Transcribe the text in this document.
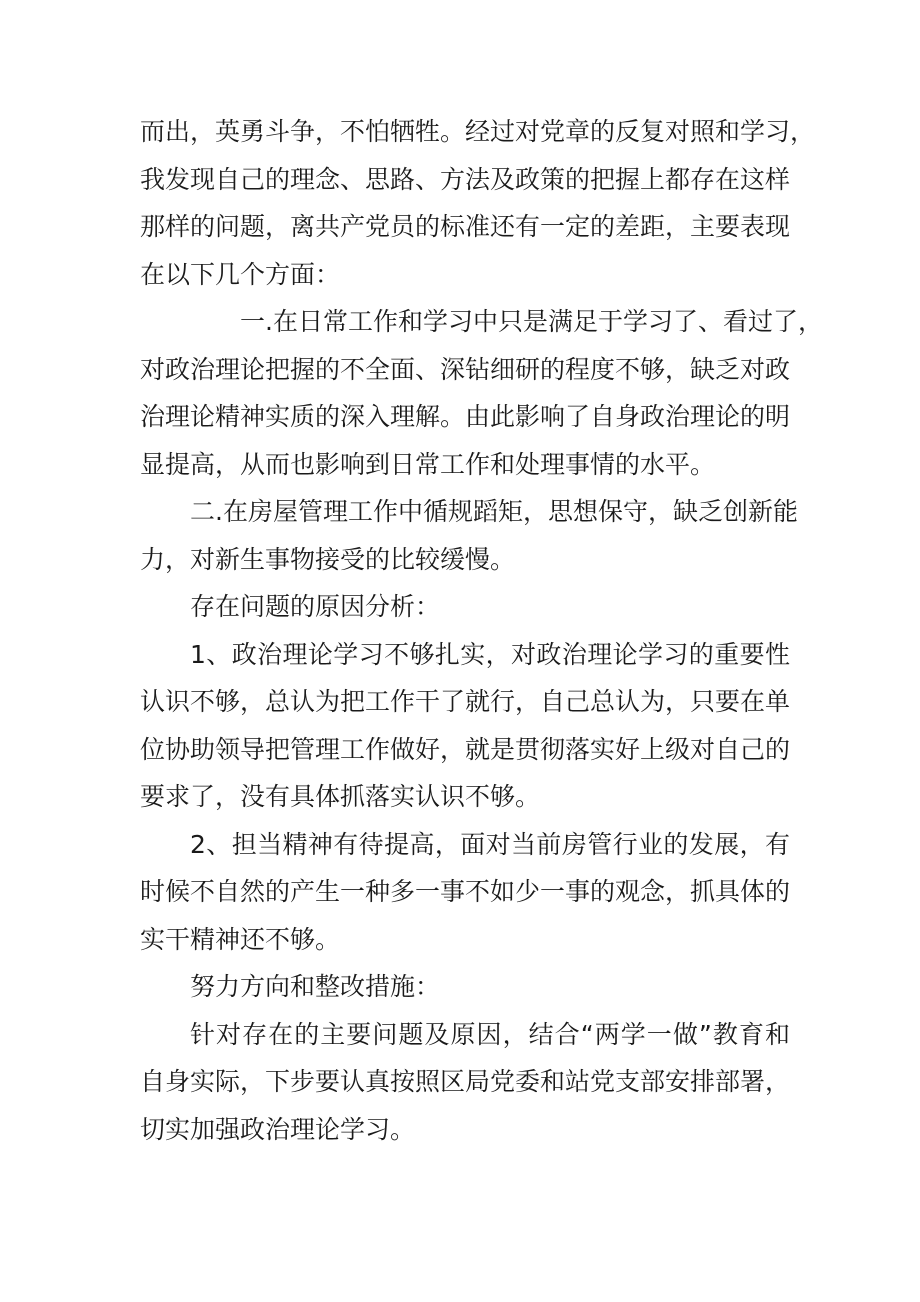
而出，英勇斗争，不怕牺牲。经过对党章的反复对照和学习，
我发现自己的理念、思路、方法及政策的把握上都存在这样
那样的问题，离共产党员的标准还有一定的差距，主要表现
在以下几个方面：
一.在日常工作和学习中只是满足于学习了、看过了，
对政治理论把握的不全面、深钻细研的程度不够，缺乏对政
治理论精神实质的深入理解。由此影响了自身政治理论的明
显提高，从而也影响到日常工作和处理事情的水平。
二.在房屋管理工作中循规蹈矩，思想保守，缺乏创新能
力，对新生事物接受的比较缓慢。
存在问题的原因分析：
1、政治理论学习不够扎实，对政治理论学习的重要性
认识不够，总认为把工作干了就行，自己总认为，只要在单
位协助领导把管理工作做好，就是贯彻落实好上级对自己的
要求了，没有具体抓落实认识不够。
2、担当精神有待提高，面对当前房管行业的发展，有
时候不自然的产生一种多一事不如少一事的观念，抓具体的
实干精神还不够。
努力方向和整改措施：
针对存在的主要问题及原因，结合“两学一做”教育和
自身实际，下步要认真按照区局党委和站党支部安排部署，
切实加强政治理论学习。
